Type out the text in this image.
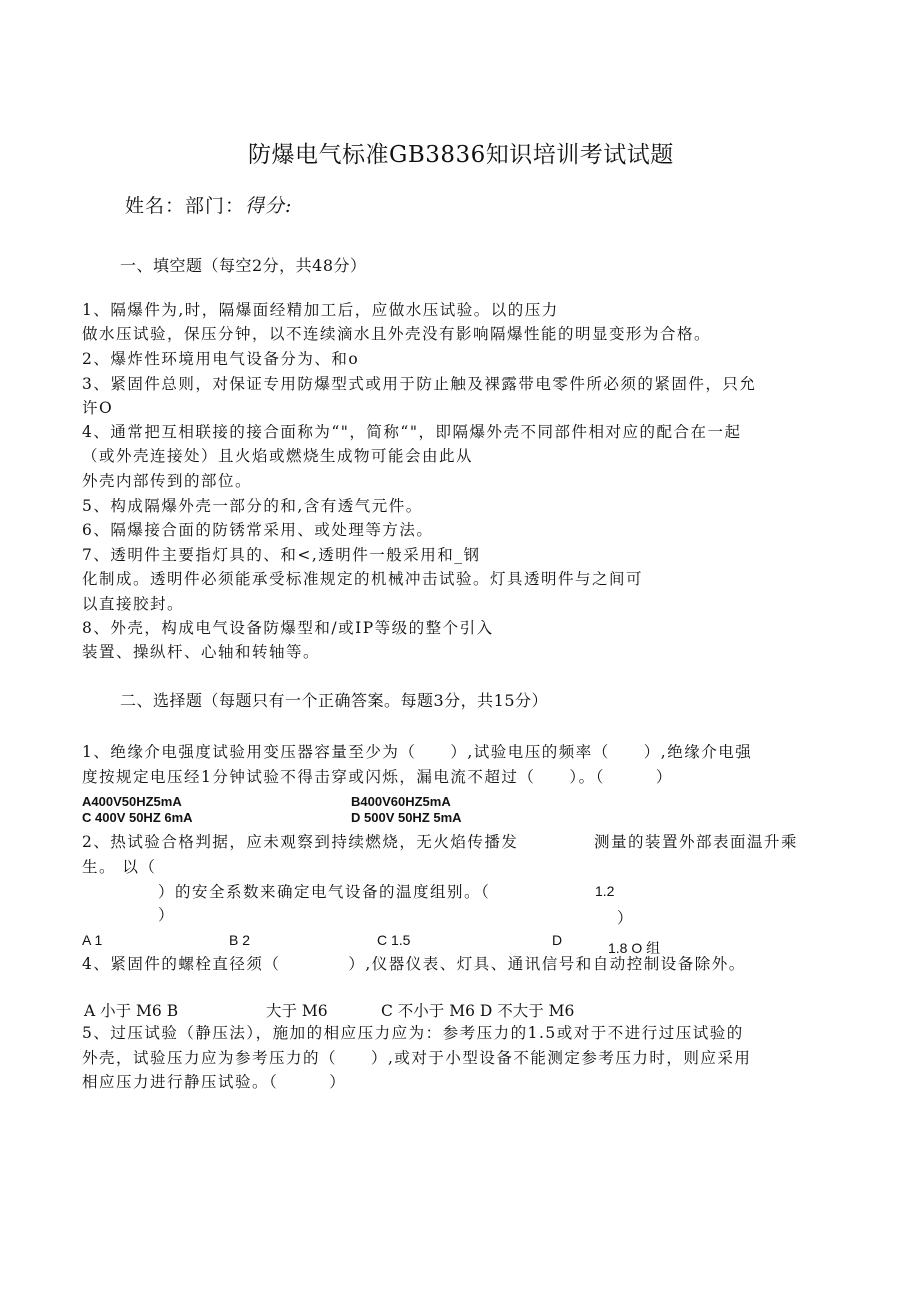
防爆电气标准GB3836知识培训考试试题
姓名：部门：得分:
一、填空题（每空2分，共48分）
1、隔爆件为,时，隔爆面经精加工后，应做水压试验。以的压力
做水压试验，保压分钟，以不连续滴水且外壳没有影响隔爆性能的明显变形为合格。
2、爆炸性环境用电气设备分为、和o
3、紧固件总则，对保证专用防爆型式或用于防止触及裸露带电零件所必须的紧固件，只允
许O
4、通常把互相联接的接合面称为“"，简称“"，即隔爆外壳不同部件相对应的配合在一起
（或外壳连接处）且火焰或燃烧生成物可能会由此从
外壳内部传到的部位。
5、构成隔爆外壳一部分的和,含有透气元件。
6、隔爆接合面的防锈常采用、或处理等方法。
7、透明件主要指灯具的、和<,透明件一般采用和_钢
化制成。透明件必须能承受标准规定的机械冲击试验。灯具透明件与之间可
以直接胶封。
8、外壳，构成电气设备防爆型和/或IP等级的整个引入
装置、操纵杆、心轴和转轴等。
二、选择题（每题只有一个正确答案。每题3分，共15分）
1、绝缘介电强度试验用变压器容量至少为（　　）,试验电压的频率（　　）,绝缘介电强
度按规定电压经1分钟试验不得击穿或闪烁，漏电流不超过（　　）。（　　　）
A400V50HZ5mA	B400V60HZ5mA
C 400V 50HZ 6mA	D 500V 50HZ 5mA
2、热试验合格判据，应未观察到持续燃烧，无火焰传播发	测量的装置外部表面温升乘
生。 以（
）的安全系数来确定电气设备的温度组别。（	1.2
）	）
A 1	B 2	C 1.5	D	1.8 O 组
4、紧固件的螺栓直径须（　　　　）,仪器仪表、灯具、通讯信号和自动控制设备除外。
A 小于 M6 B	大于 M6	C 不小于 M6 D 不大于 M6
5、过压试验（静压法），施加的相应压力应为：参考压力的1.5或对于不进行过压试验的
外壳，试验压力应为参考压力的（　　）,或对于小型设备不能测定参考压力时，则应采用
相应压力进行静压试验。（　　　）
